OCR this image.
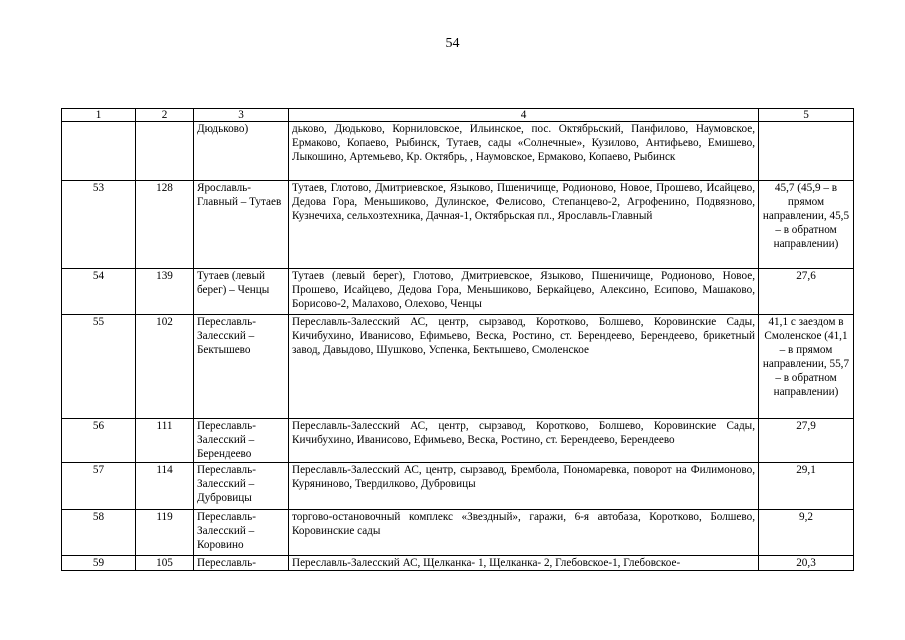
54
1	2	3	4	5
		Дюдьково)	дьково, Дюдьково, Корниловское, Ильинское, пос. Октябрьский, Панфилово, Наумовское, Ермаково, Копаево, Рыбинск, Тутаев, сады «Солнечные», Кузилово, Антифьево, Емишево, Лыкошино, Артемьево, Кр. Октябрь, , Наумовское, Ермаково, Копаево, Рыбинск	
53	128	Ярославль-Главный – Тутаев	Тутаев, Глотово, Дмитриевское, Языково, Пшеничище, Родионово, Новое, Прошево, Исайцево, Дедова Гора, Меньшиково, Дулинское, Фелисово, Степанцево-2, Агрофенино, Подвязново, Кузнечиха, сельхозтехника, Дачная-1, Октябрьская пл., Ярославль-Главный	45,7 (45,9 – в прямом направлении, 45,5 – в обратном направлении)
54	139	Тутаев (левый берег) – Ченцы	Тутаев (левый берег), Глотово, Дмитриевское, Языково, Пшеничище, Родионово, Новое, Прошево, Исайцево, Дедова Гора, Меньшиково, Беркайцево, Алексино, Есипово, Машаково, Борисово-2, Малахово, Олехово, Ченцы	27,6
55	102	Переславль-Залесский – Бектышево	Переславль-Залесский АС, центр, сырзавод, Коротково, Болшево, Коровинские Сады, Кичибухино, Иванисово, Ефимьево, Веска, Ростино, ст. Берендеево, Берендеево, брикетный завод, Давыдово, Шушково, Успенка, Бектышево, Смоленское	41,1 с заездом в Смоленское (41,1 – в прямом направлении, 55,7 – в обратном направлении)
56	111	Переславль-Залесский – Берендеево	Переславль-Залесский АС, центр, сырзавод, Коротково, Болшево, Коровинские Сады, Кичибухино, Иванисово, Ефимьево, Веска, Ростино, ст. Берендеево, Берендеево	27,9
57	114	Переславль-Залесский – Дубровицы	Переславль-Залесский АС, центр, сырзавод, Брембола, Пономаревка, поворот на Филимоново, Куряниново, Твердилково, Дубровицы	29,1
58	119	Переславль-Залесский – Коровино	торгово-остановочный комплекс «Звездный», гаражи, 6-я автобаза, Коротково, Болшево, Коровинские сады	9,2
59	105	Переславль-	Переславль-Залесский АС, Щелканка- 1, Щелканка- 2, Глебовское-1, Глебовское-	20,3
